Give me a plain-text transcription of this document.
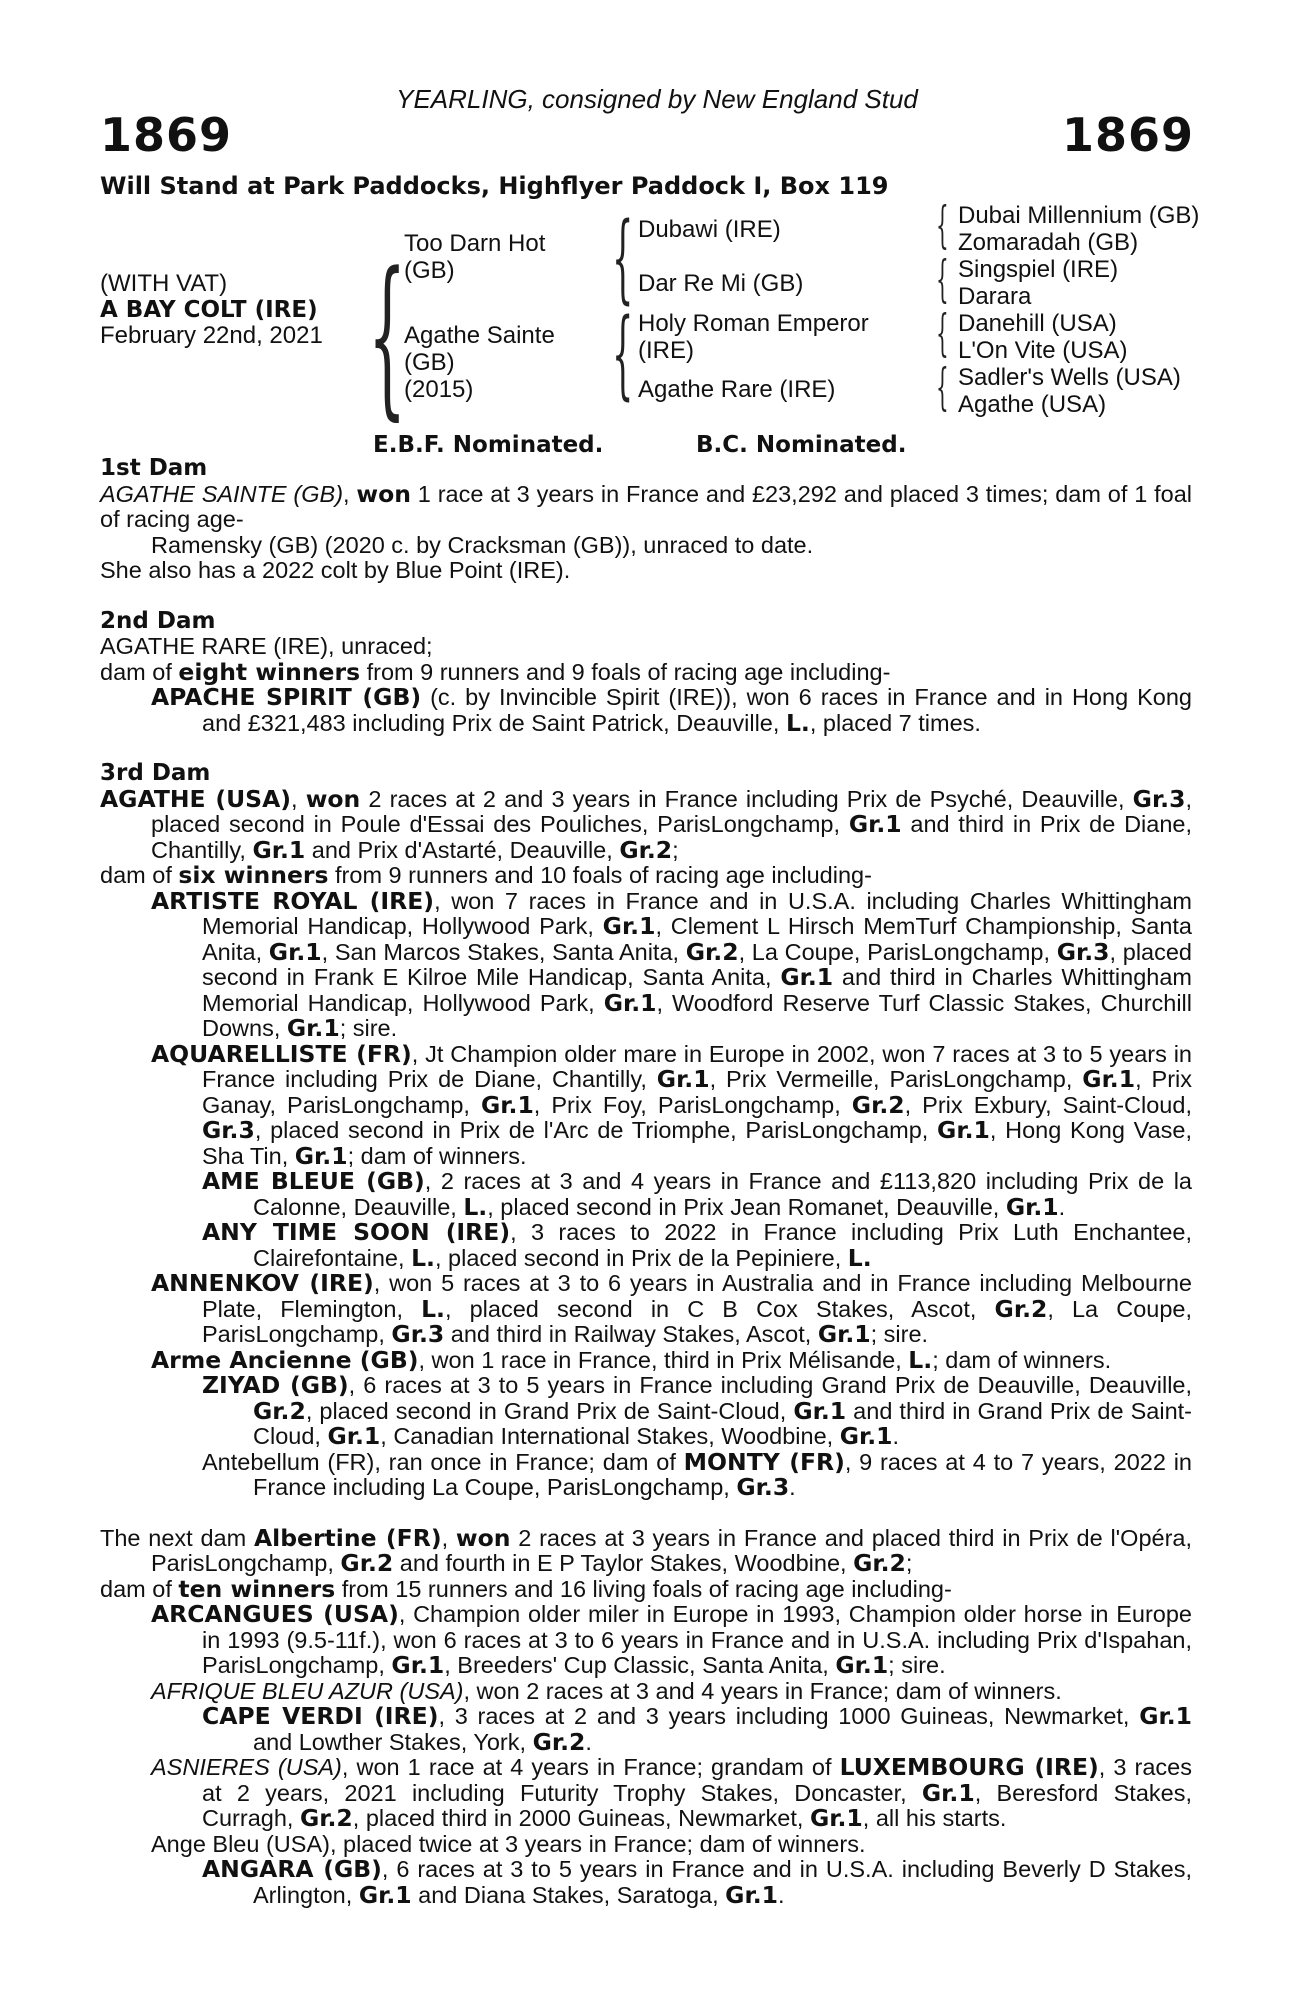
YEARLING, consigned by New England Stud
1869	1869
Will Stand at Park Paddocks, Highflyer Paddock I, Box 119
(WITH VAT)
A BAY COLT (IRE)
February 22nd, 2021 {
Too Darn Hot
(GB)
Agathe Sainte
(GB)
(2015)
{
{
Dubawi (IRE)
Dar Re Mi (GB)
Holy Roman Emperor
(IRE)
Agathe Rare (IRE)
{
{
{
{
Dubai Millennium (GB)
Zomaradah (GB)
Singspiel (IRE)
Darara
Danehill (USA)
L'On Vite (USA)
Sadler's Wells (USA)
Agathe (USA)
E.B.F. Nominated.	B.C. Nominated.

1st Dam

AGATHE SAINTE (GB), won 1 race at 3 years in France and £23,292 and placed 3 times; dam of 1 foal of racing age-

Ramensky (GB) (2020 c. by Cracksman (GB)), unraced to date.

She also has a 2022 colt by Blue Point (IRE).

2nd Dam

AGATHE RARE (IRE), unraced;

dam of eight winners from 9 runners and 9 foals of racing age including-

APACHE SPIRIT (GB) (c. by Invincible Spirit (IRE)), won 6 races in France and in Hong Kong and £321,483 including Prix de Saint Patrick, Deauville, L., placed 7 times.

3rd Dam

AGATHE (USA), won 2 races at 2 and 3 years in France including Prix de Psyché, Deauville, Gr.3, placed second in Poule d'Essai des Pouliches, ParisLongchamp, Gr.1 and third in Prix de Diane, Chantilly, Gr.1 and Prix d'Astarté, Deauville, Gr.2;

dam of six winners from 9 runners and 10 foals of racing age including-

ARTISTE ROYAL (IRE), won 7 races in France and in U.S.A. including Charles Whittingham Memorial Handicap, Hollywood Park, Gr.1, Clement L Hirsch MemTurf Championship, Santa Anita, Gr.1, San Marcos Stakes, Santa Anita, Gr.2, La Coupe, ParisLongchamp, Gr.3, placed second in Frank E Kilroe Mile Handicap, Santa Anita, Gr.1 and third in Charles Whittingham Memorial Handicap, Hollywood Park, Gr.1, Woodford Reserve Turf Classic Stakes, Churchill Downs, Gr.1; sire.

AQUARELLISTE (FR), Jt Champion older mare in Europe in 2002, won 7 races at 3 to 5 years in France including Prix de Diane, Chantilly, Gr.1, Prix Vermeille, ParisLongchamp, Gr.1, Prix Ganay, ParisLongchamp, Gr.1, Prix Foy, ParisLongchamp, Gr.2, Prix Exbury, Saint-Cloud, Gr.3, placed second in Prix de l'Arc de Triomphe, ParisLongchamp, Gr.1, Hong Kong Vase, Sha Tin, Gr.1; dam of winners.

AME BLEUE (GB), 2 races at 3 and 4 years in France and £113,820 including Prix de la Calonne, Deauville, L., placed second in Prix Jean Romanet, Deauville, Gr.1.

ANY TIME SOON (IRE), 3 races to 2022 in France including Prix Luth Enchantee, Clairefontaine, L., placed second in Prix de la Pepiniere, L.

ANNENKOV (IRE), won 5 races at 3 to 6 years in Australia and in France including Melbourne Plate, Flemington, L., placed second in C B Cox Stakes, Ascot, Gr.2, La Coupe, ParisLongchamp, Gr.3 and third in Railway Stakes, Ascot, Gr.1; sire.

Arme Ancienne (GB), won 1 race in France, third in Prix Mélisande, L.; dam of winners.

ZIYAD (GB), 6 races at 3 to 5 years in France including Grand Prix de Deauville, Deauville, Gr.2, placed second in Grand Prix de Saint-Cloud, Gr.1 and third in Grand Prix de Saint-Cloud, Gr.1, Canadian International Stakes, Woodbine, Gr.1.

Antebellum (FR), ran once in France; dam of MONTY (FR), 9 races at 4 to 7 years, 2022 in France including La Coupe, ParisLongchamp, Gr.3.

The next dam Albertine (FR), won 2 races at 3 years in France and placed third in Prix de l'Opéra, ParisLongchamp, Gr.2 and fourth in E P Taylor Stakes, Woodbine, Gr.2;

dam of ten winners from 15 runners and 16 living foals of racing age including-

ARCANGUES (USA), Champion older miler in Europe in 1993, Champion older horse in Europe in 1993 (9.5-11f.), won 6 races at 3 to 6 years in France and in U.S.A. including Prix d'Ispahan, ParisLongchamp, Gr.1, Breeders' Cup Classic, Santa Anita, Gr.1; sire.

AFRIQUE BLEU AZUR (USA), won 2 races at 3 and 4 years in France; dam of winners.

CAPE VERDI (IRE), 3 races at 2 and 3 years including 1000 Guineas, Newmarket, Gr.1 and Lowther Stakes, York, Gr.2.

ASNIERES (USA), won 1 race at 4 years in France; grandam of LUXEMBOURG (IRE), 3 races at 2 years, 2021 including Futurity Trophy Stakes, Doncaster, Gr.1, Beresford Stakes, Curragh, Gr.2, placed third in 2000 Guineas, Newmarket, Gr.1, all his starts.

Ange Bleu (USA), placed twice at 3 years in France; dam of winners.

ANGARA (GB), 6 races at 3 to 5 years in France and in U.S.A. including Beverly D Stakes, Arlington, Gr.1 and Diana Stakes, Saratoga, Gr.1.
